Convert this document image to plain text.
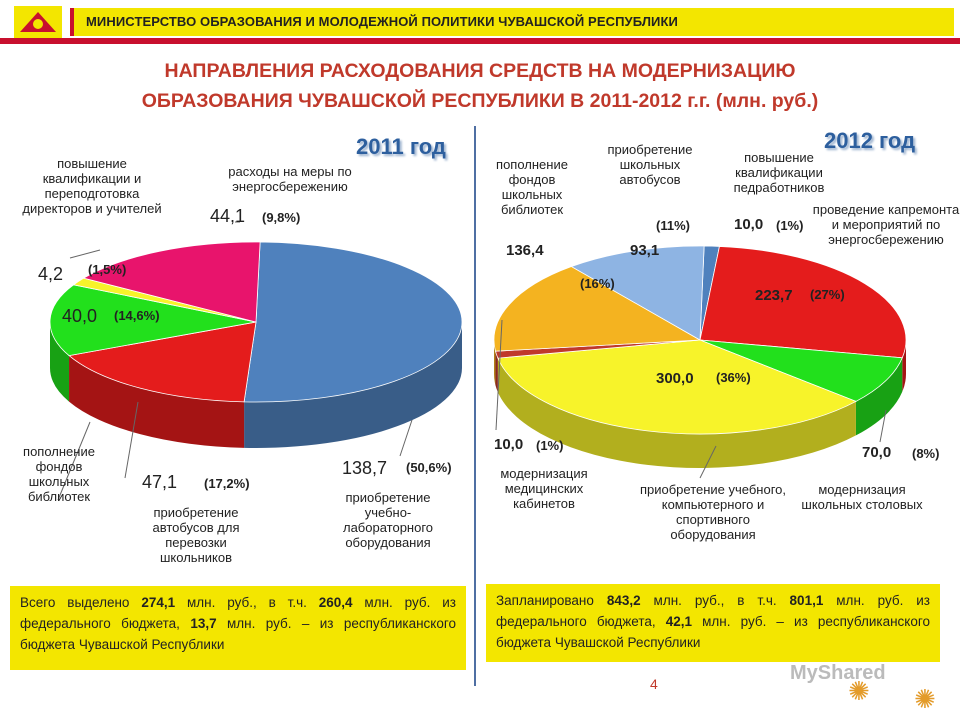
МИНИСТЕРСТВО ОБРАЗОВАНИЯ И МОЛОДЕЖНОЙ ПОЛИТИКИ ЧУВАШСКОЙ РЕСПУБЛИКИ
НАПРАВЛЕНИЯ РАСХОДОВАНИЯ СРЕДСТВ НА МОДЕРНИЗАЦИЮ
ОБРАЗОВАНИЯ ЧУВАШСКОЙ РЕСПУБЛИКИ В 2011-2012 г.г. (млн. руб.)
2011 год	2012 год
повышение квалификации и переподготовка директоров и учителей
расходы на меры по энергосбережению
44,1 (9,8%)
4,2 (1,5%)
40,0 (14,6%)
пополнение фондов школьных библиотек
47,1 (17,2%)
приобретение автобусов для перевозки школьников
138,7 (50,6%)
приобретение учебно-лабораторного оборудования
пополнение фондов школьных библиотек
приобретение школьных автобусов
повышение квалификации педработников
проведение капремонта и мероприятий по энергосбережению
(11%)	10,0 (1%)
136,4	93,1
(16%)
223,7 (27%)
300,0 (36%)
10,0 (1%)	70,0 (8%)
модернизация медицинских кабинетов
приобретение учебного, компьютерного и спортивного оборудования
модернизация школьных столовых
Всего выделено 274,1 млн. руб., в т.ч. 260,4 млн. руб. из федерального бюджета, 13,7 млн. руб. – из республиканского бюджета Чувашской Республики
Запланировано 843,2 млн. руб., в т.ч. 801,1 млн. руб. из федерального бюджета, 42,1 млн. руб. – из республиканского бюджета Чувашской Республики
4	MyShared
✺ ✺
